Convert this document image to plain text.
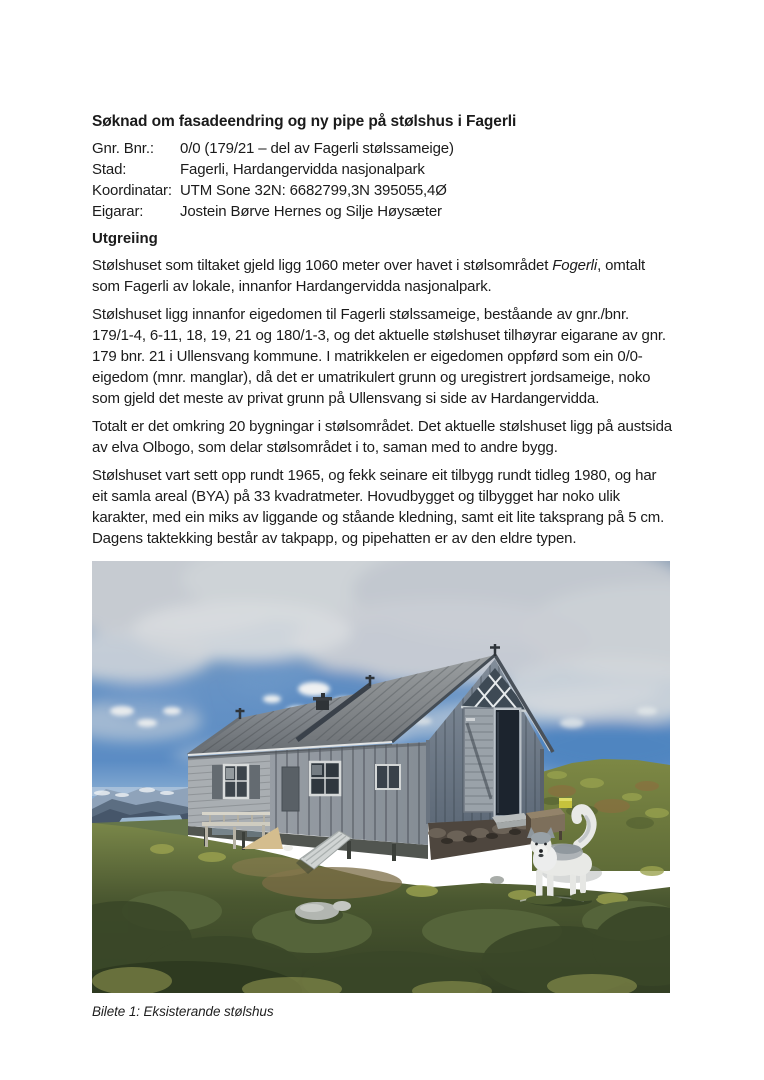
Søknad om fasadeendring og ny pipe på stølshus i Fagerli
Gnr. Bnr.:	0/0 (179/21 – del av Fagerli stølssameige)
Stad:	Fagerli, Hardangervidda nasjonalpark
Koordinatar: UTM Sone 32N: 6682799,3N 395055,4Ø
Eigarar:	Jostein Børve Hernes og Silje Høysæter
Utgreiing

Stølshuset som tiltaket gjeld ligg 1060 meter over havet i stølsområdet Fogerli, omtalt som Fagerli av lokale, innanfor Hardangervidda nasjonalpark.

Stølshuset ligg innanfor eigedomen til Fagerli stølssameige, beståande av gnr./bnr. 179/1-4, 6-11, 18, 19, 21 og 180/1-3, og det aktuelle stølshuset tilhøyrar eigarane av gnr. 179 bnr. 21 i Ullensvang kommune. I matrikkelen er eigedomen oppførd som ein 0/0-eigedom (mnr. manglar), då det er umatrikulert grunn og uregistrert jordsameige, noko som gjeld det meste av privat grunn på Ullensvang si side av Hardangervidda.

Totalt er det omkring 20 bygningar i stølsområdet. Det aktuelle stølshuset ligg på austsida av elva Olbogo, som delar stølsområdet i to, saman med to andre bygg.

Stølshuset vart sett opp rundt 1965, og fekk seinare eit tilbygg rundt tidleg 1980, og har eit samla areal (BYA) på 33 kvadratmeter. Hovudbygget og tilbygget har noko ulik karakter, med ein miks av liggande og ståande kledning, samt eit lite taksprang på 5 cm. Dagens taktekking består av takpapp, og pipehatten er av den eldre typen.

Bilete 1: Eksisterande stølshus
